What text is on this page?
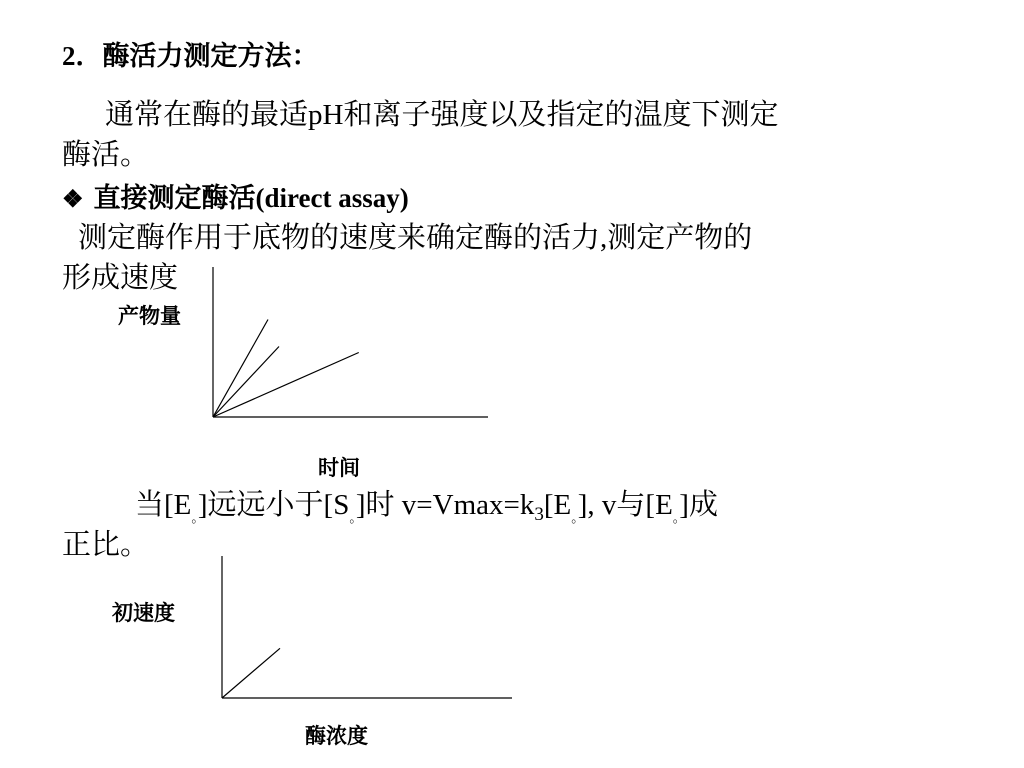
2．酶活力测定方法：
通常在酶的最适pH和离子强度以及指定的温度下测定
酶活。
❖ 直接测定酶活(direct assay)
测定酶作用于底物的速度来确定酶的活力,测定产物的
形成速度
产物量
时间
当$[E_。]$远远小于$[S_。]$时 $v=Vmax=k_3[E_。]$, v与$[E_。]$成
正比。
初速度
酶浓度
